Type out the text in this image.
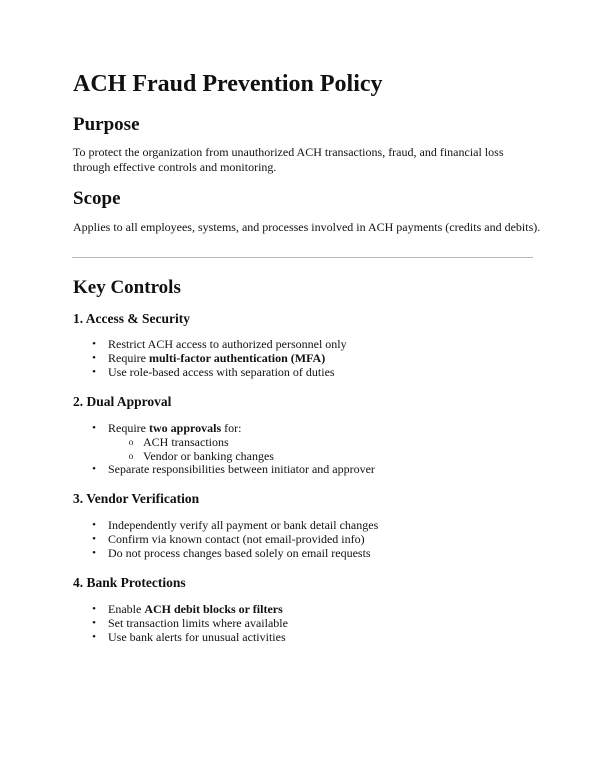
ACH Fraud Prevention Policy
Purpose
To protect the organization from unauthorized ACH transactions, fraud, and financial loss
through effective controls and monitoring.
Scope
Applies to all employees, systems, and processes involved in ACH payments (credits and debits).
Key Controls
1. Access & Security
• Restrict ACH access to authorized personnel only
• Require multi-factor authentication (MFA)
• Use role-based access with separation of duties
2. Dual Approval
• Require two approvals for:
o ACH transactions
o Vendor or banking changes
• Separate responsibilities between initiator and approver
3. Vendor Verification
• Independently verify all payment or bank detail changes
• Confirm via known contact (not email-provided info)
• Do not process changes based solely on email requests
4. Bank Protections
• Enable ACH debit blocks or filters
• Set transaction limits where available
• Use bank alerts for unusual activities
